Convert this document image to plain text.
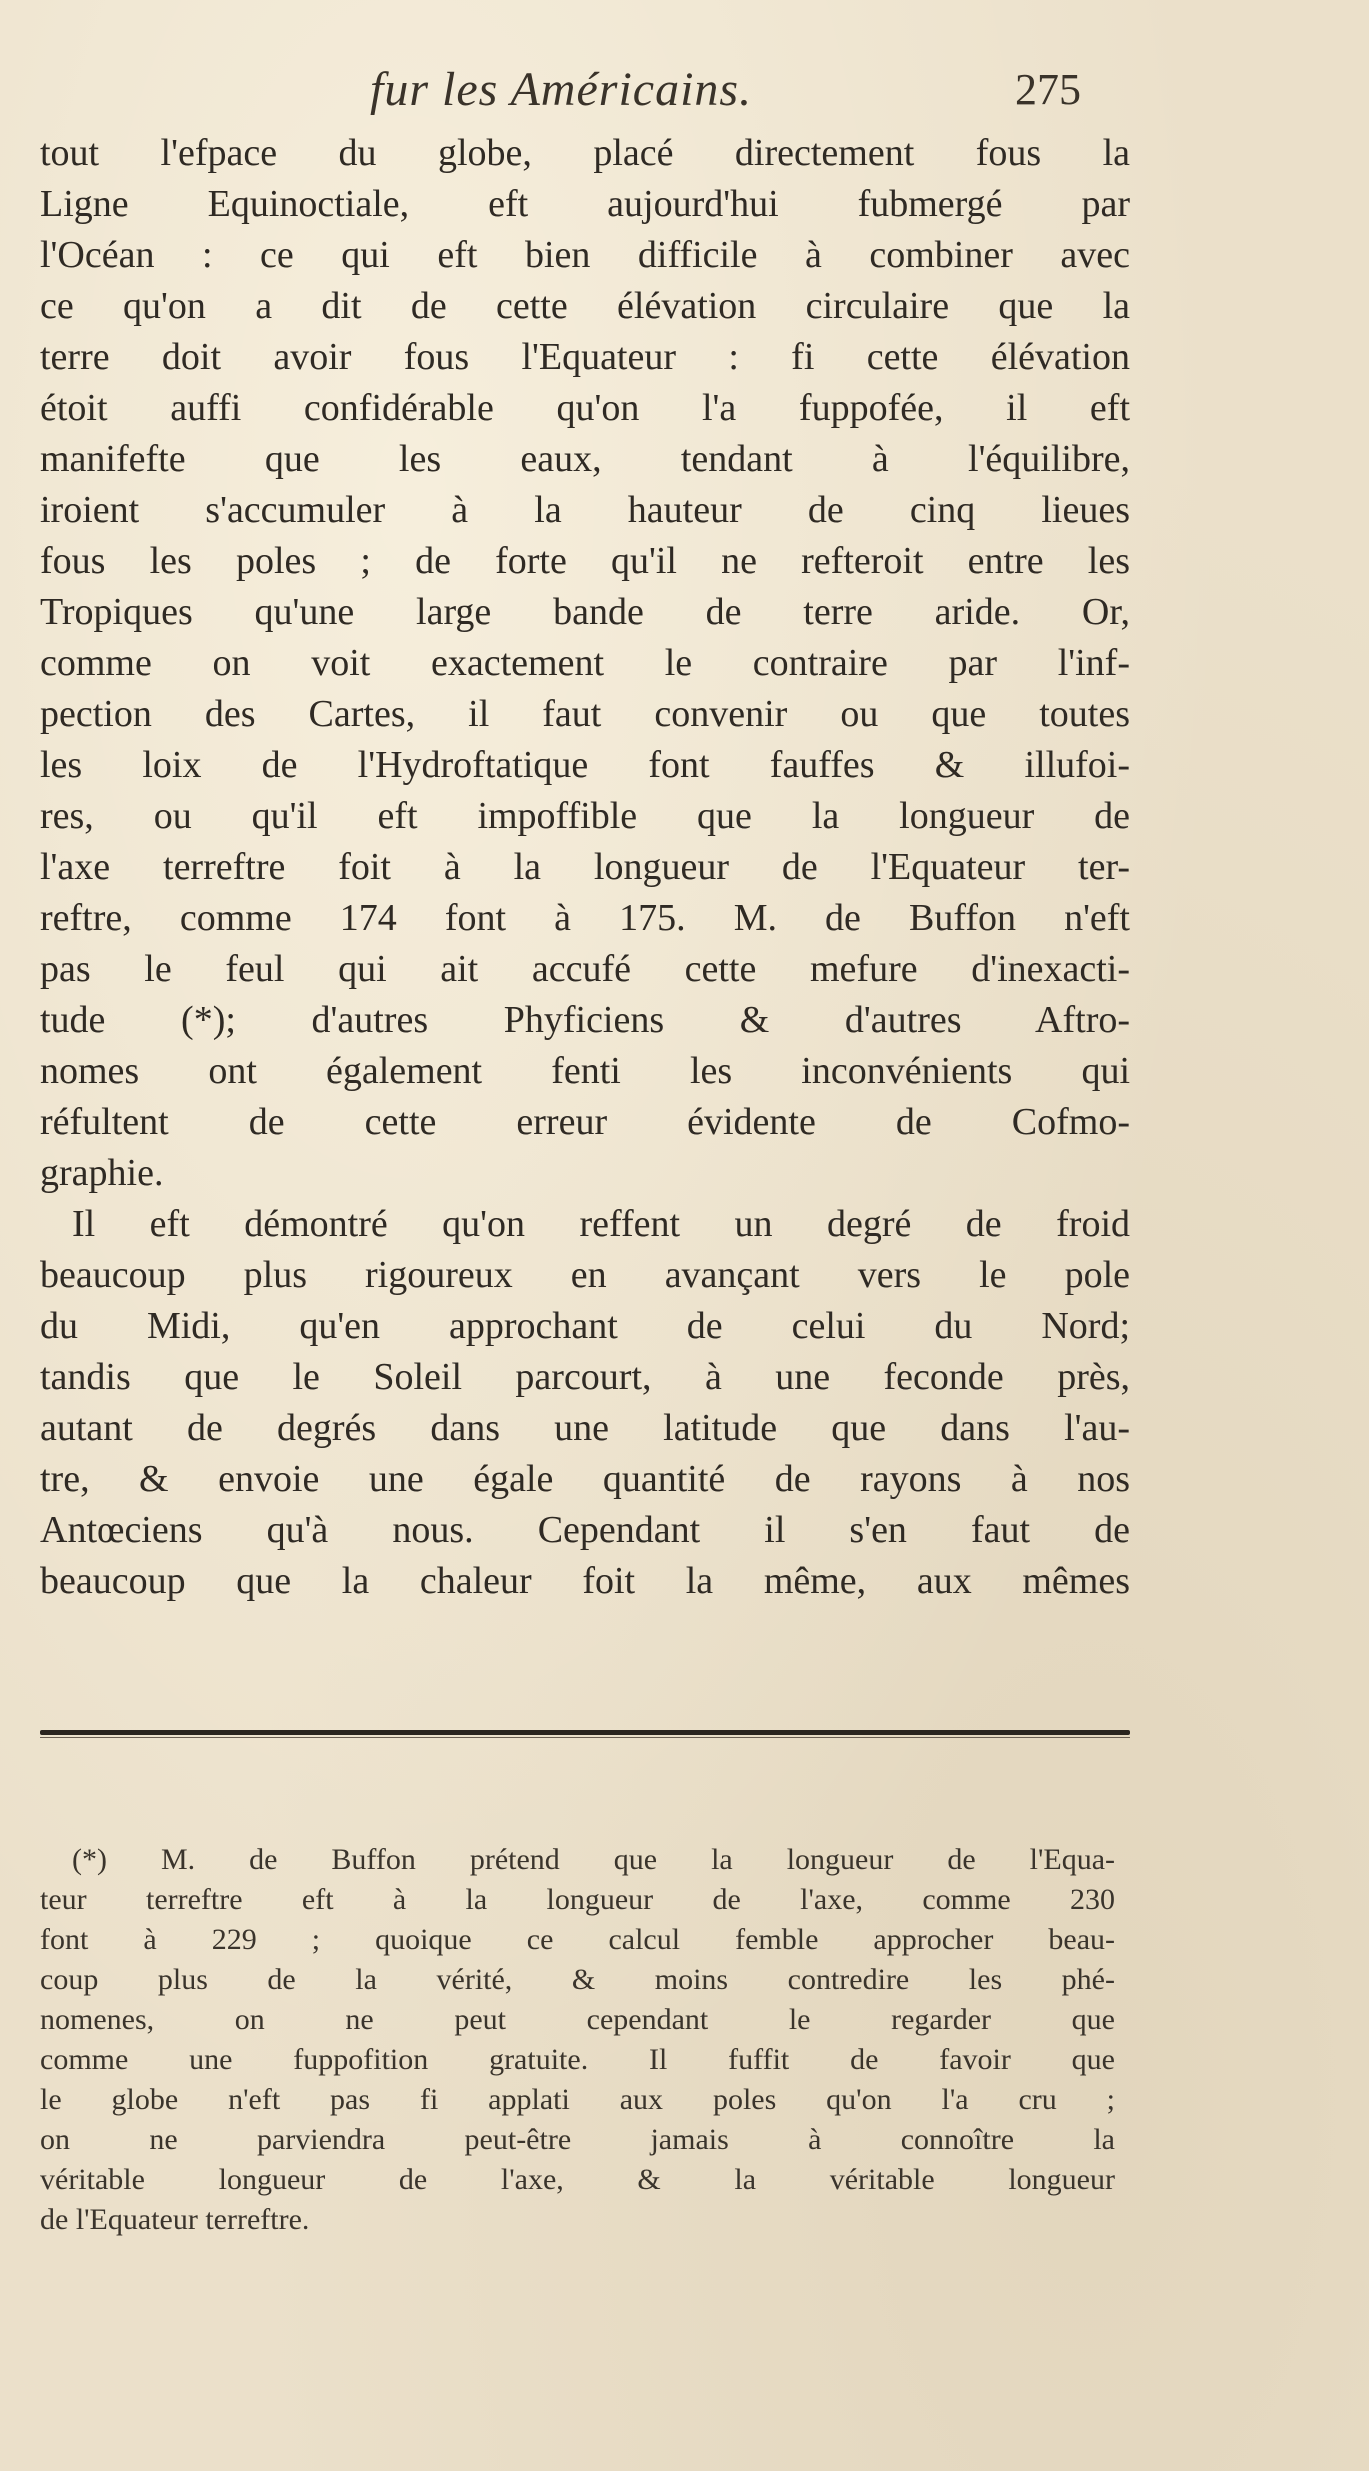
fur les Américains.	275
tout l'efpace du globe, placé directement fous la
Ligne Equinoctiale, eft aujourd'hui fubmergé par
l'Océan : ce qui eft bien difficile à combiner avec
ce qu'on a dit de cette élévation circulaire que la
terre doit avoir fous l'Equateur : fi cette élévation
étoit auffi confidérable qu'on l'a fuppofée, il eft
manifefte que les eaux, tendant à l'équilibre,
iroient s'accumuler à la hauteur de cinq lieues
fous les poles ; de forte qu'il ne refteroit entre les
Tropiques qu'une large bande de terre aride. Or,
comme on voit exactement le contraire par l'inf-
pection des Cartes, il faut convenir ou que toutes
les loix de l'Hydroftatique font fauffes & illufoi-
res, ou qu'il eft impoffible que la longueur de
l'axe terreftre foit à la longueur de l'Equateur ter-
reftre, comme 174 font à 175. M. de Buffon n'eft
pas le feul qui ait accufé cette mefure d'inexacti-
tude (*); d'autres Phyficiens & d'autres Aftro-
nomes ont également fenti les inconvénients qui
réfultent de cette erreur évidente de Cofmo-
graphie.
Il eft démontré qu'on reffent un degré de froid
beaucoup plus rigoureux en avançant vers le pole
du Midi, qu'en approchant de celui du Nord;
tandis que le Soleil parcourt, à une feconde près,
autant de degrés dans une latitude que dans l'au-
tre, & envoie une égale quantité de rayons à nos
Antœciens qu'à nous. Cependant il s'en faut de
beaucoup que la chaleur foit la même, aux mêmes
(*) M. de Buffon prétend que la longueur de l'Equa-
teur terreftre eft à la longueur de l'axe, comme 230
font à 229 ; quoique ce calcul femble approcher beau-
coup plus de la vérité, & moins contredire les phé-
nomenes, on ne peut cependant le regarder que
comme une fuppofition gratuite. Il fuffit de favoir que
le globe n'eft pas fi applati aux poles qu'on l'a cru ;
on ne parviendra peut-être jamais à connoître la
véritable longueur de l'axe, & la véritable longueur
de l'Equateur terreftre.
